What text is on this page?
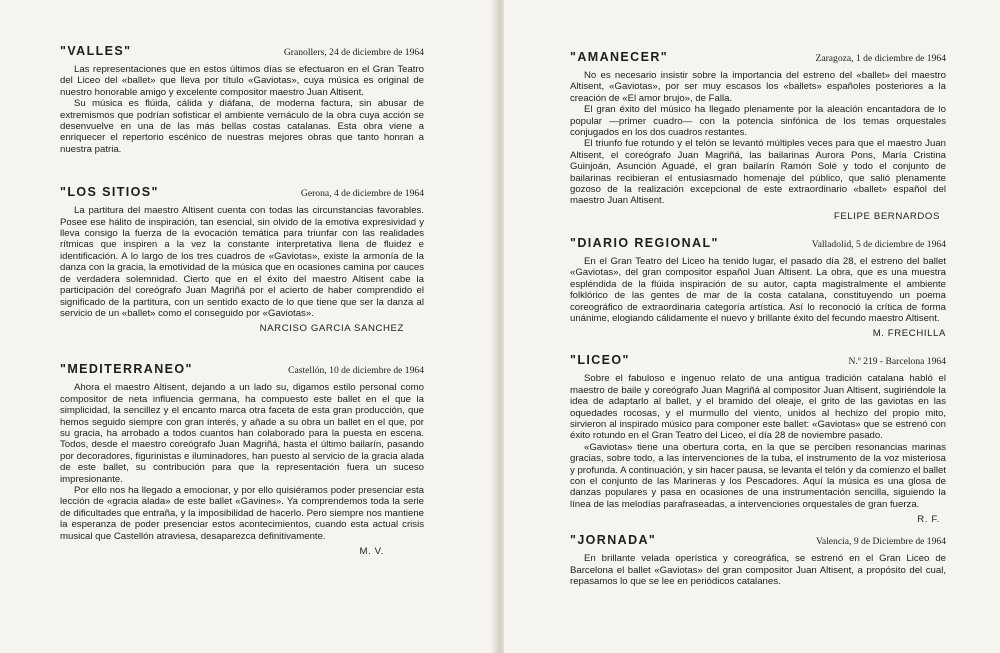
"VALLES"	Granollers, 24 de diciembre de 1964

Las representaciones que en estos últimos días se efectuaron en el Gran Teatro del Liceo del «ballet» que lleva por título «Gaviotas», cuya música es original de nuestro honorable amigo y excelente compositor maestro Juan Altisent.

Su música es flúida, cálida y diáfana, de moderna factura, sin abusar de extremismos que podrían sofisticar el ambiente vernáculo de la obra cuya acción se desenvuelve en una de las más bellas costas catalanas. Esta obra viene a enriquecer el repertorio escénico de nuestras mejores obras que tanto honran a nuestra patria.

"LOS SITIOS"	Gerona, 4 de diciembre de 1964

La partitura del maestro Altisent cuenta con todas las circunstancias favorables. Posee ese hálito de inspiración, tan esencial, sin olvido de la emotiva expresividad y lleva consigo la fuerza de la evocación temática para triunfar con las realidades rítmicas que inspiren a la vez la constante interpretativa llena de fluidez e identificación. A lo largo de los tres cuadros de «Gaviotas», existe la armonía de la danza con la gracia, la emotividad de la música que en ocasiones camina por cauces de verdadera solemnidad. Cierto que en el éxito del maestro Altisent cabe la participación del coreógrafo Juan Magriñá por el acierto de haber comprendido el significado de la partitura, con un sentido exacto de lo que tiene que ser la danza al servicio de un «ballet» como el conseguido por «Gaviotas».

NARCISO GARCIA SANCHEZ

"MEDITERRANEO"	Castellón, 10 de diciembre de 1964

Ahora el maestro Altisent, dejando a un lado su, digamos estilo personal como compositor de neta influencia germana, ha compuesto este ballet en el que la simplicidad, la sencillez y el encanto marca otra faceta de esta gran producción, que hemos seguido siempre con gran interés, y añade a su obra un ballet en el que, por su gracia, ha arrobado a todos cuantos han colaborado para la puesta en escena. Todos, desde el maestro coreógrafo Juan Magriñá, hasta el último bailarín, pasando por decoradores, figurinistas e iluminadores, han puesto al servicio de la gracia alada de este ballet, su contribución para que la representación fuera un suceso impresionante.

Por ello nos ha llegado a emocionar, y por ello quisiéramos poder presenciar esta lección de «gracia alada» de este ballet «Gavines». Ya comprendemos toda la serie de dificultades que entraña, y la imposibilidad de hacerlo. Pero siempre nos mantiene la esperanza de poder presenciar estos acontecimientos, cuando esta actual crisis musical que Castellón atraviesa, desaparezca definitivamente.

M. V.

"AMANECER"	Zaragoza, 1 de diciembre de 1964

No es necesario insistir sobre la importancia del estreno del «ballet» del maestro Altisent, «Gaviotas», por ser muy escasos los «ballets» españoles posteriores a la creación de «El amor brujo», de Falla.

El gran éxito del músico ha llegado plenamente por la aleación encantadora de lo popular —primer cuadro— con la potencia sinfónica de los temas orquestales conjugados en los dos cuadros restantes.

El triunfo fue rotundo y el telón se levantó múltiples veces para que el maestro Juan Altisent, el coreógrafo Juan Magriñá, las bailarinas Aurora Pons, María Cristina Guinjoán, Asunción Aguadé, el gran bailarín Ramón Solé y todo el conjunto de bailarinas recibieran el entusiasmado homenaje del público, que salió plenamente gozoso de la realización excepcional de este extraordinario «ballet» español del maestro Juan Altisent.

FELIPE BERNARDOS

"DIARIO REGIONAL"	Valladolid, 5 de diciembre de 1964

En el Gran Teatro del Liceo ha tenido lugar, el pasado día 28, el estreno del ballet «Gaviotas», del gran compositor español Juan Altisent. La obra, que es una muestra espléndida de la flúida inspiración de su autor, capta magistralmente el ambiente folklórico de las gentes de mar de la costa catalana, constituyendo un poema coreográfico de extraordinaria categoría artística. Así lo reconoció la crítica de forma unánime, elogiando cálidamente el nuevo y brillante éxito del fecundo maestro Altisent.

M. FRECHILLA

"LICEO"	N.º 219 - Barcelona 1964

Sobre el fabuloso e ingenuo relato de una antigua tradición catalana habló el maestro de baile y coreógrafo Juan Magriñá al compositor Juan Altisent, sugiriéndole la idea de adaptarlo al ballet, y el bramido del oleaje, el grito de las gaviotas en las oquedades rocosas, y el murmullo del viento, unidos al hechizo del propio mito, sirvieron al inspirado músico para componer este ballet: «Gaviotas» que se estrenó con éxito rotundo en el Gran Teatro del Liceo, el día 28 de noviembre pasado.

«Gaviotas» tiene una obertura corta, en la que se perciben resonancias marinas gracias, sobre todo, a las intervenciones de la tuba, el instrumento de la voz misteriosa y profunda. A continuación, y sin hacer pausa, se levanta el telón y da comienzo el ballet con el conjunto de las Marineras y los Pescadores. Aquí la música es una glosa de danzas populares y pasa en ocasiones de una instrumentación sencilla, siguiendo la línea de las melodías parafraseadas, a intervenciones orquestales de gran fuerza.

R. F.

"JORNADA"	Valencia, 9 de Diciembre de 1964

En brillante velada operística y coreográfica, se estrenó en el Gran Liceo de Barcelona el ballet «Gaviotas» del gran compositor Juan Altisent, a propósito del cual, repasamos lo que se lee en periódicos catalanes.
